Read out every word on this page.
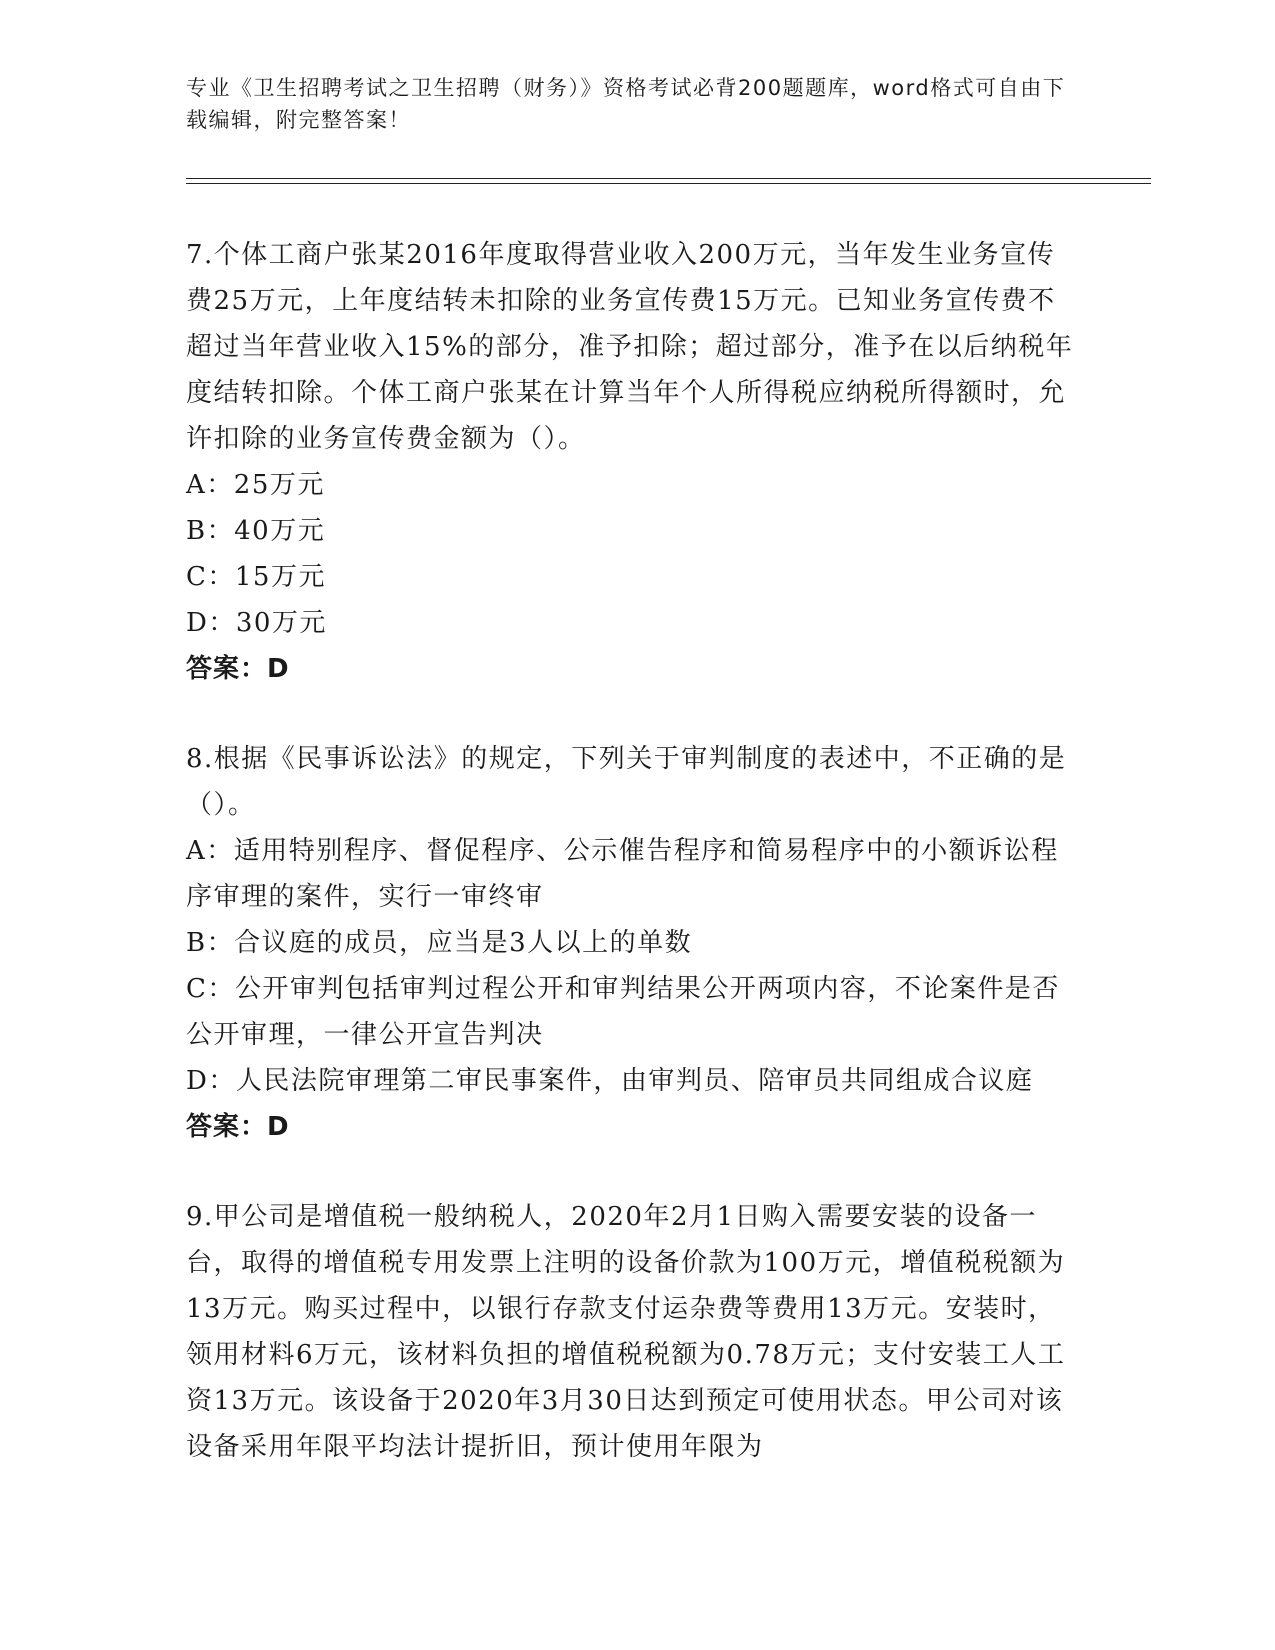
专业《卫生招聘考试之卫生招聘（财务）》资格考试必背200题题库，word格式可自由下载编辑，附完整答案！
7.个体工商户张某2016年度取得营业收入200万元，当年发生业务宣传费25万元，上年度结转未扣除的业务宣传费15万元。已知业务宣传费不超过当年营业收入15%的部分，准予扣除；超过部分，准予在以后纳税年度结转扣除。个体工商户张某在计算当年个人所得税应纳税所得额时，允许扣除的业务宣传费金额为（）。
A：25万元
B：40万元
C：15万元
D：30万元
答案：D
8.根据《民事诉讼法》的规定，下列关于审判制度的表述中，不正确的是（）。
A：适用特别程序、督促程序、公示催告程序和简易程序中的小额诉讼程序审理的案件，实行一审终审
B：合议庭的成员，应当是3人以上的单数
C：公开审判包括审判过程公开和审判结果公开两项内容，不论案件是否公开审理，一律公开宣告判决
D：人民法院审理第二审民事案件，由审判员、陪审员共同组成合议庭
答案：D
9.甲公司是增值税一般纳税人，2020年2月1日购入需要安装的设备一台，取得的增值税专用发票上注明的设备价款为100万元，增值税税额为13万元。购买过程中，以银行存款支付运杂费等费用13万元。安装时，领用材料6万元，该材料负担的增值税税额为0.78万元；支付安装工人工资13万元。该设备于2020年3月30日达到预定可使用状态。甲公司对该设备采用年限平均法计提折旧，预计使用年限为
